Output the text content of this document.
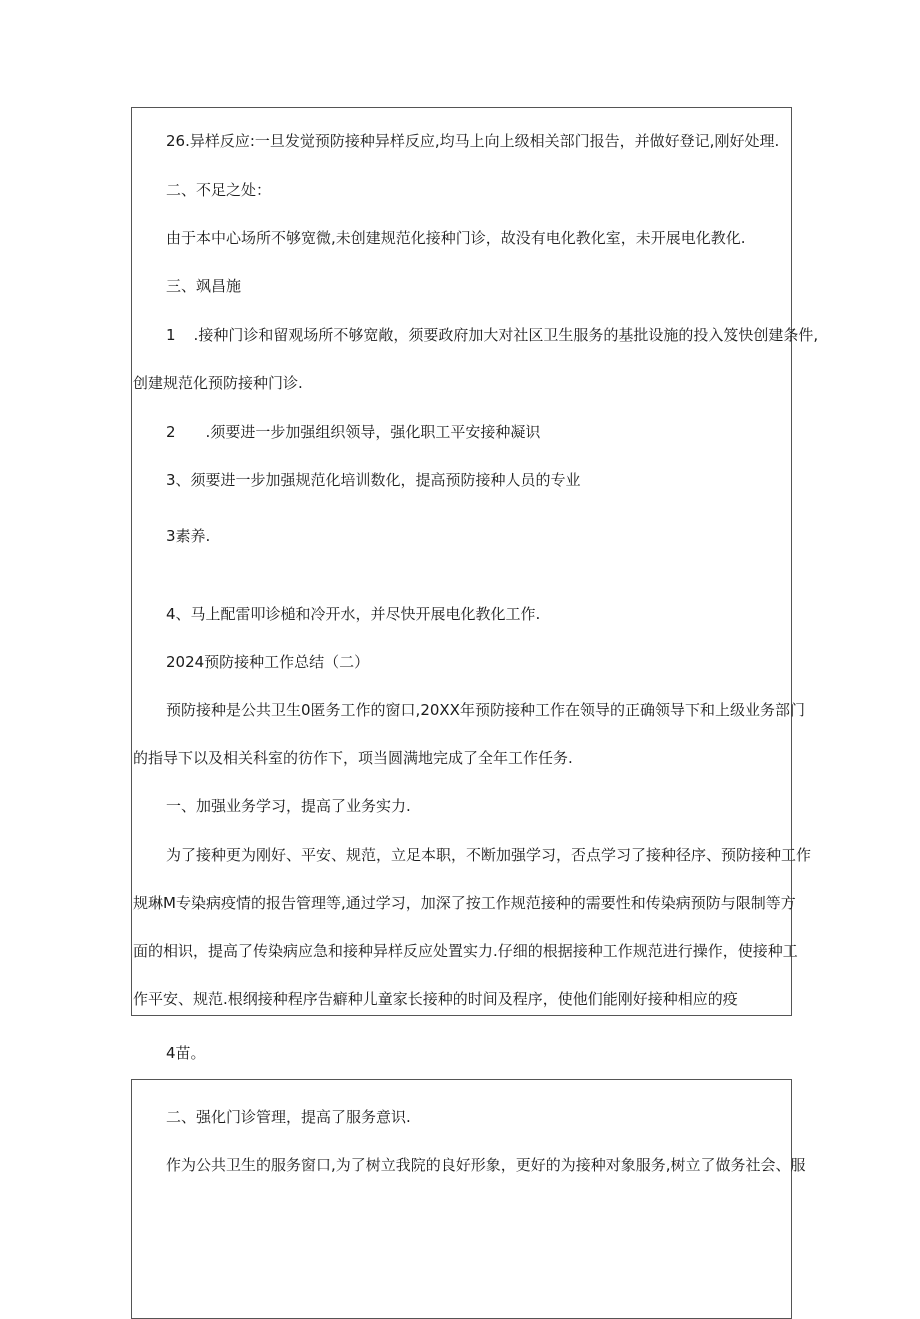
26.异样反应:一旦发觉预防接种异样反应,均马上向上级相关部门报告，并做好登记,刚好处理.
二、不足之处：
由于本中心场所不够宽微,未创建规范化接种门诊，故没有电化教化室，未开展电化教化.
三、飒昌施
1 .接种门诊和留观场所不够宽敞，须要政府加大对社区卫生服务的基批设施的投入笈快创建条件,
创建规范化预防接种门诊.
2 .须要进一步加强组织领导，强化职工平安接种凝识
3、须要进一步加强规范化培训数化，提高预防接种人员的专业
3素养.
4、马上配雷叩诊槌和冷开水，并尽快开展电化教化工作.
2024预防接种工作总结（二）
预防接种是公共卫生0匿务工作的窗口,20XX年预防接种工作在领导的正确领导下和上级业务部门
的指导下以及相关科室的彷作下，项当圆满地完成了全年工作任务.
一、加强业务学习，提高了业务实力.
为了接种更为刚好、平安、规范，立足本职，不断加强学习，否点学习了接种径序、预防接种工作
规琳M专染病疫情的报告管理等,通过学习，加深了按工作规范接种的需要性和传染病预防与限制等方
面的相识，提高了传染病应急和接种异样反应处置实力.仔细的根据接种工作规范进行操作，使接种工
作平安、规范.根纲接种程序告癖种儿童家长接种的时间及程序，使他们能刚好接种相应的疫
4苗。
二、强化门诊管理，提高了服务意识.
作为公共卫生的服务窗口,为了树立我院的良好形象，更好的为接种对象服务,树立了做务社会、服
